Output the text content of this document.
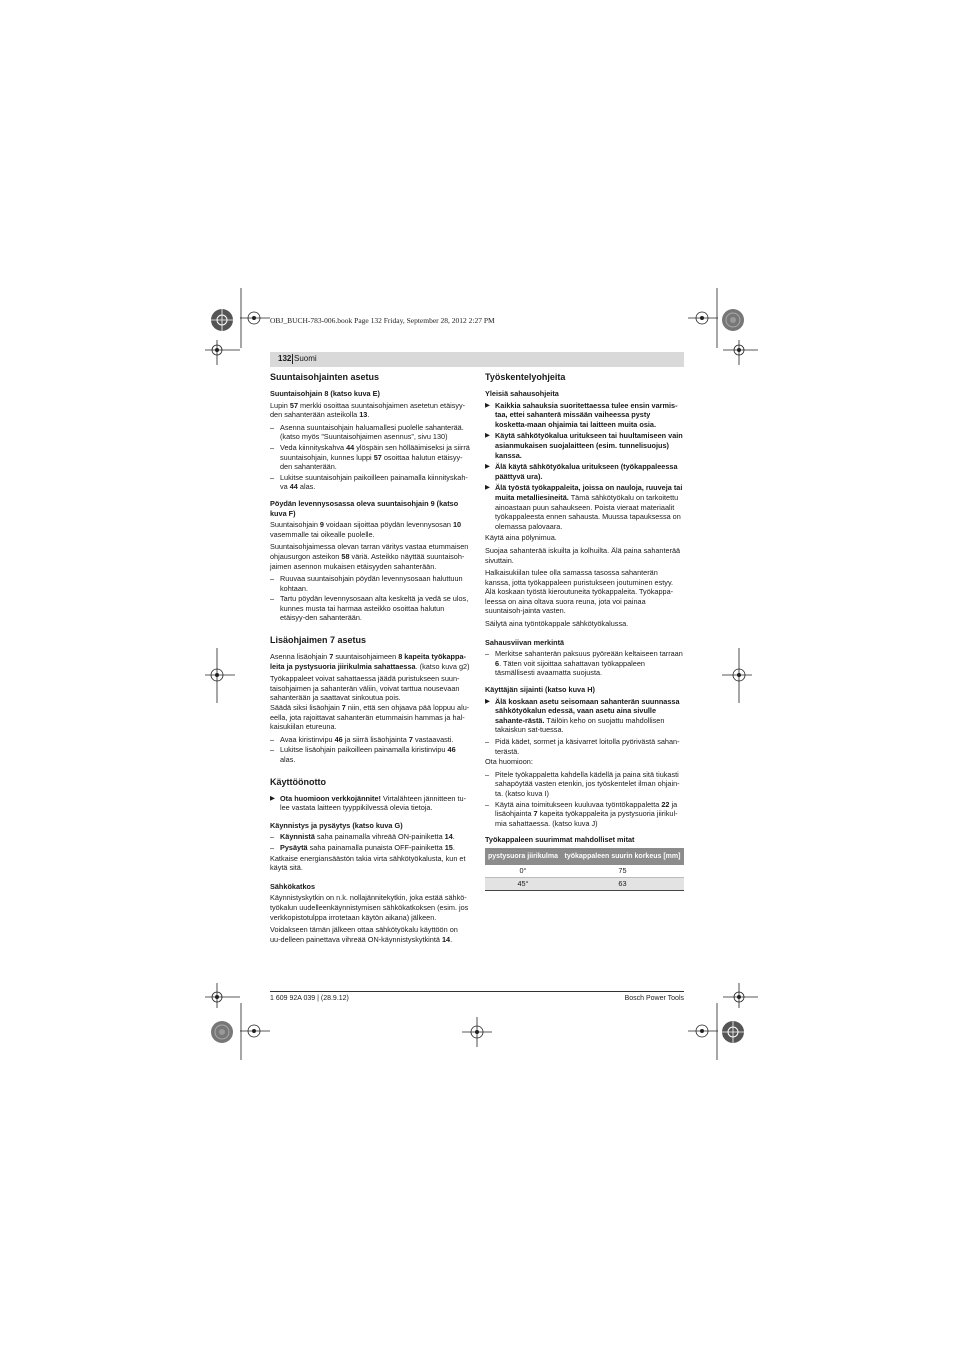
OBJ_BUCH-783-006.book Page 132 Friday, September 28, 2012 2:27 PM
132 Suomi
Suuntaisohjainten asetus
Suuntaisohjain 8 (katso kuva E)

Lupin 57 merkki osoittaa suuntaisohjaimen asetetun etäisyy-den sahanterään asteikolla 13.

– Asenna suuntaisohjain haluamallesi puolelle sahanterää. (katso myös ”Suuntaisohjaimen asennus”, sivu 130)
– Veda kiinnityskahva 44 ylöspäin sen höllääimiseksi ja siirrä suuntaisohjain, kunnes luppi 57 osoittaa halutun etäisyy-den sahanterään.
– Lukitse suuntaisohjain paikoilleen painamalla kiinnityskah-va 44 alas.
Pöydän levennysosassa oleva suuntaisohjain 9 (katso kuva F)

Suuntaisohjain 9 voidaan sijoittaa pöydän levennysosan 10 vasemmalle tai oikealle puolelle.

Suuntaisohjaimessa olevan tarran väritys vastaa etummaisen ohjausurgon asteikon 58 väriä. Asteikko näyttää suuntaisoh-jaimen asennon mukaisen etäisyyden sahanterään.

– Ruuvaa suuntaisohjain pöydän levennysosaan haluttuun kohtaan.
– Tartu pöydän levennysosaan alta keskeltä ja vedä se ulos, kunnes musta tai harmaa asteikko osoittaa halutun etäisyy-den sahanterään.
Lisäohjaimen 7 asetus

Asenna lisäohjain 7 suuntaisohjaimeen 8 kapeita työkappa-leita ja pystysuoria jiirikulmia sahattaessa. (katso kuva g2)

Työkappaleet voivat sahattaessa jäädä puristukseen suun-taisohjaimen ja sahanterän väliin, voivat tarttua nousevaan sahanterään ja saattavat sinkoutua pois.

Säädä siksi lisäohjain 7 niin, että sen ohjaava pää loppuu alu-eella, jota rajoittavat sahanterän etummaisin hammas ja hal-kaisukiilan etureuna.

– Avaa kiristinvipu 46 ja siirrä lisäohjainta 7 vastaavasti.
– Lukitse lisäohjain paikoilleen painamalla kiristinvipu 46 alas.
Käyttöönotto
▶ Ota huomioon verkkojännite! Virtalähteen jännitteen tu-lee vastata laitteen tyyppikilvessä olevia tietoja.
Käynnistys ja pysäytys (katso kuva G)
– Käynnistä saha painamalla vihreää ON-painiketta 14.
– Pysäytä saha painamalla punaista OFF-painiketta 15.

Katkaise energiansäästön takia virta sähkötyökalusta, kun et käytä sitä.

Sähkökatkos

Käynnistyskytkin on n.k. nollajännitekytkin, joka estää sähkö-työkalun uudelleenkäynnistymisen sähkökatkoksen (esim. jos verkkopistotulppa irrotetaan käytön aikana) jälkeen.

Voidakseen tämän jälkeen ottaa sähkötyökalu käyttöön on uu-delleen painettava vihreää ON-käynnistyskytkintä 14.

Työskentelyohjeita
Yleisiä sahausohjeita
▶ Kaikkia sahauksia suoritettaessa tulee ensin varmis-taa, ettei sahanterä missään vaiheessa pysty kosketta-maan ohjaimia tai laitteen muita osia.
▶ Käytä sähkötyökalua uritukseen tai huultamiseen vain asianmukaisen suojalaitteen (esim. tunnelisuojus) kanssa.
▶ Älä käytä sähkötyökalua uritukseen (työkappaleessa päättyvä ura).
▶ Älä työstä työkappaleita, joissa on nauloja, ruuveja tai muita metalliesineitä. Tämä sähkötyökalu on tarkoitettu ainoastaan puun sahaukseen. Poista vieraat materiaalit työkappaleesta ennen sahausta. Muussa tapauksessa on olemassa palovaara.

Käytä aina pölynimua.

Suojaa sahanterää iskuilta ja kolhuilta. Älä paina sahanterää sivuttain.

Halkaisukiilan tulee olla samassa tasossa sahanterän kanssa, jotta työkappaleen puristukseen joutuminen estyy.

Älä koskaan työstä kieroutuneita työkappaleita. Työkappa-leessa on aina oltava suora reuna, jota voi painaa suuntaisoh-jainta vasten.

Säilytä aina työntökappale sähkötyökalussa.

Sahausviivan merkintä
– Merkitse sahanterän paksuus pyöreään keltaiseen tarraan 6. Täten voit sijoittaa sahattavan työkappaleen täsmällisesti avaamatta suojusta.
Käyttäjän sijainti (katso kuva H)
▶ Älä koskaan asetu seisomaan sahanterän suunnassa sähkötyökalun edessä, vaan asetu aina sivulle sahante-rästä. Täilöin keho on suojattu mahdollisen takaiskun sat-tuessa.
– Pidä kädet, sormet ja käsivarret loitolla pyörivästä sahan-terästä.

Ota huomioon:

– Pitele työkappaletta kahdella kädellä ja paina sitä tiukasti sahapöytää vasten etenkin, jos työskentelet ilman ohjain-ta. (katso kuva I)
– Käytä aina toimitukseen kuuluvaa työntökappaletta 22 ja lisäohjainta 7 kapeita työkappaleita ja pystysuoria jiirikul-mia sahattaessa. (katso kuva J)
Työkappaleen suurimmat mahdolliset mitat
pystysuora jiirikulma	työkappaleen suurin korkeus [mm]
0°	75
45°	63
1 609 92A 039 | (28.9.12)	Bosch Power Tools
